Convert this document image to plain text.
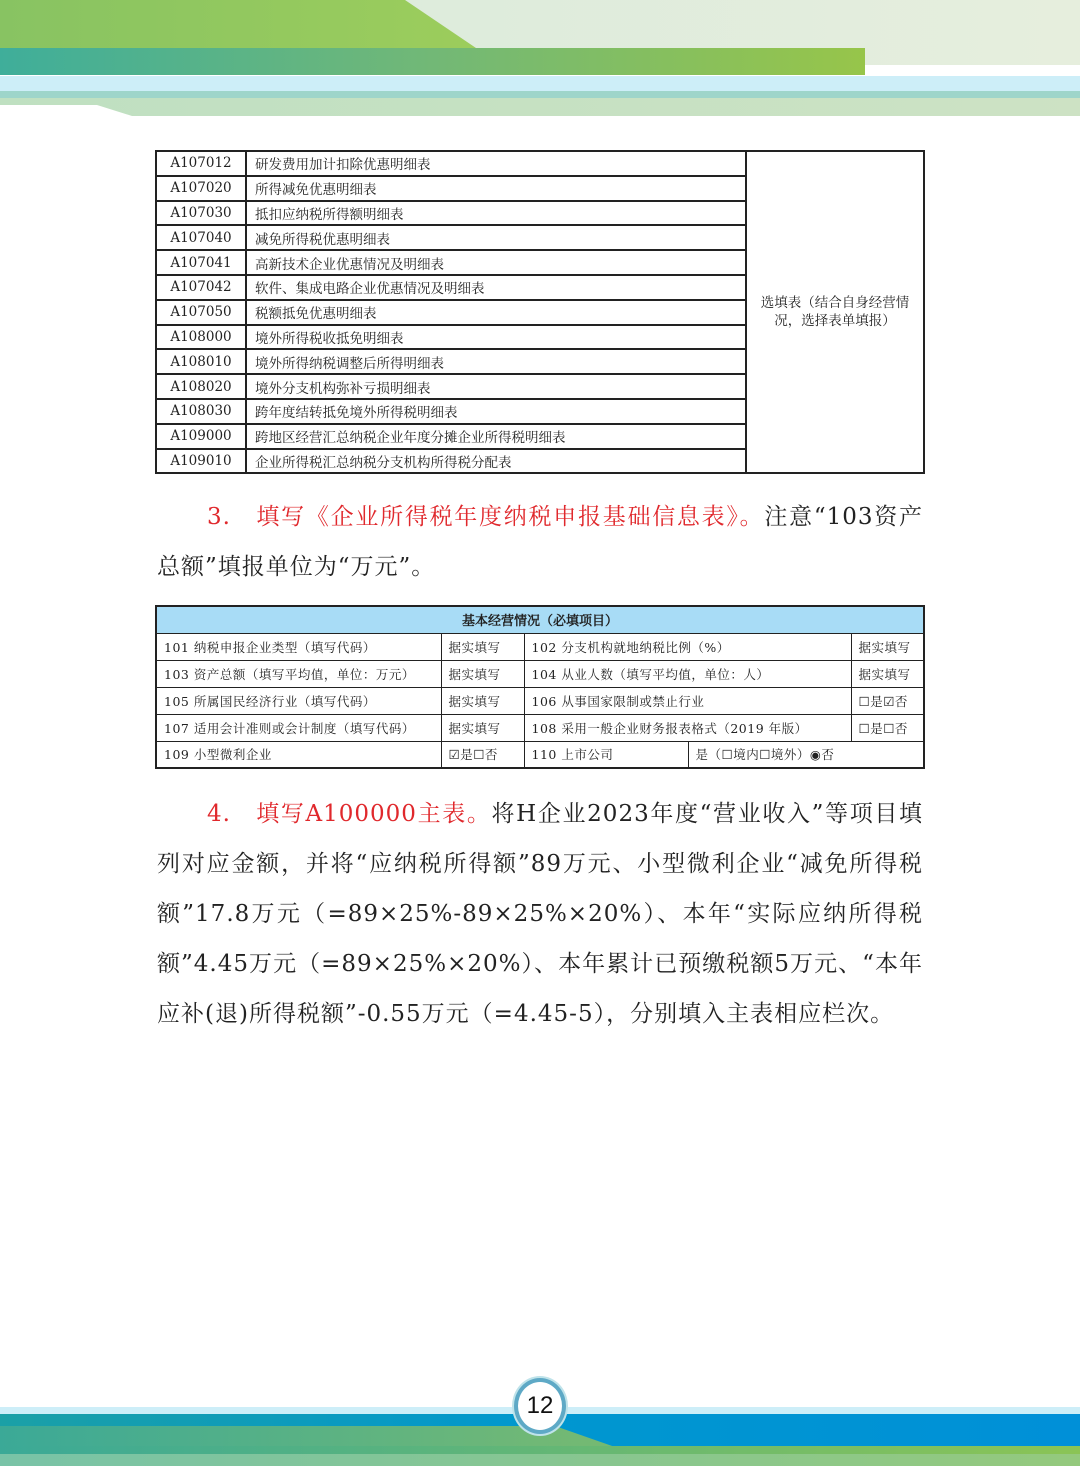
A107012	研发费用加计扣除优惠明细表	选填表（结合自身经营情况，选择表单填报）
A107020	所得减免优惠明细表	
A107030	抵扣应纳税所得额明细表	
A107040	减免所得税优惠明细表	
A107041	高新技术企业优惠情况及明细表	
A107042	软件、集成电路企业优惠情况及明细表	
A107050	税额抵免优惠明细表	
A108000	境外所得税收抵免明细表	
A108010	境外所得纳税调整后所得明细表	
A108020	境外分支机构弥补亏损明细表	
A108030	跨年度结转抵免境外所得税明细表	
A109000	跨地区经营汇总纳税企业年度分摊企业所得税明细表	
A109010	企业所得税汇总纳税分支机构所得税分配表	

3.　填写《企业所得税年度纳税申报基础信息表》。注意“103资产总额”填报单位为“万元”。

基本经营情况（必填项目）				
101 纳税申报企业类型（填写代码）	据实填写	102 分支机构就地纳税比例（%）		据实填写
103 资产总额（填写平均值，单位：万元）	据实填写	104 从业人数（填写平均值，单位：人）		据实填写
105 所属国民经济行业（填写代码）	据实填写	106 从事国家限制或禁止行业		☐是☑否
107 适用会计准则或会计制度（填写代码）	据实填写	108 采用一般企业财务报表格式（2019 年版）		☐是☐否
109 小型微利企业	☑是☐否	110 上市公司	是（☐境内☐境外）◉否	

4.　填写A100000主表。将H企业2023年度“营业收入”等项目填列对应金额，并将“应纳税所得额”89万元、小型微利企业“减免所得税额”17.8万元（=89×25%-89×25%×20%）、本年“实际应纳所得税额”4.45万元（=89×25%×20%）、本年累计已预缴税额5万元、“本年应补(退)所得税额”-0.55万元（=4.45-5），分别填入主表相应栏次。

12
